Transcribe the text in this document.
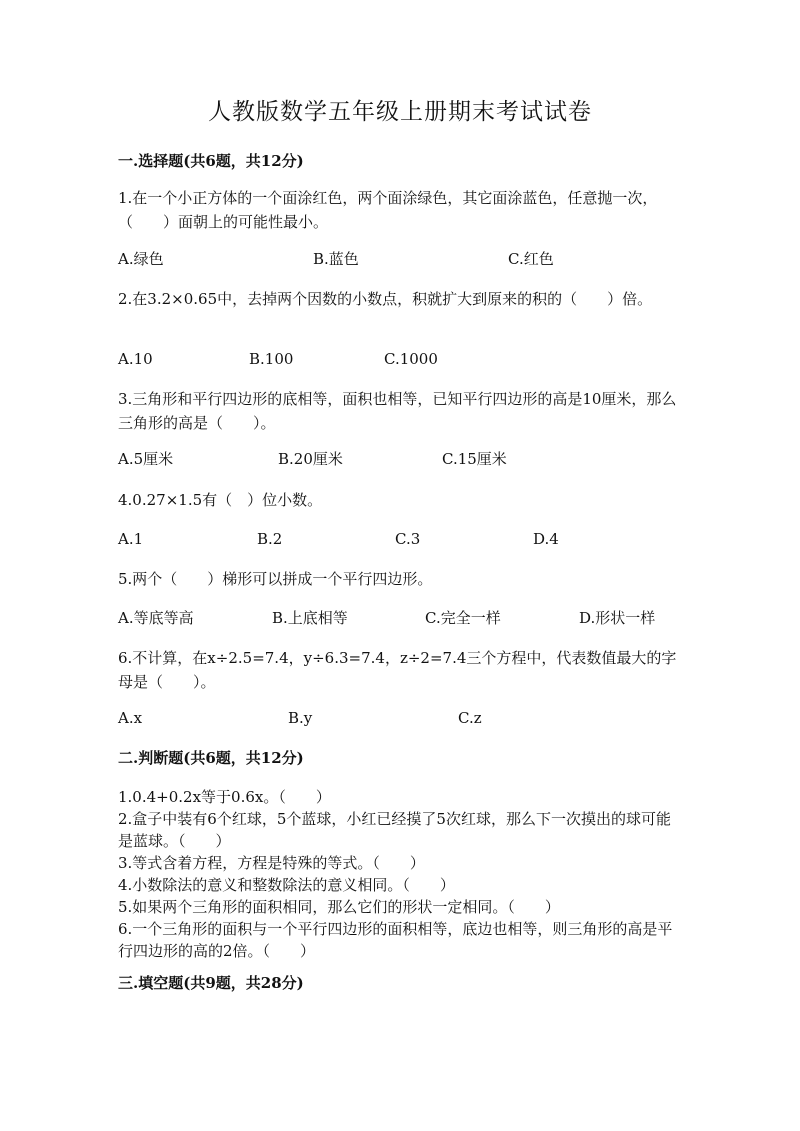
人教版数学五年级上册期末考试试卷
一.选择题(共6题，共12分)
1.在一个小正方体的一个面涂红色，两个面涂绿色，其它面涂蓝色，任意抛一次，（　　）面朝上的可能性最小。
A.绿色	B.蓝色	C.红色
2.在3.2×0.65中，去掉两个因数的小数点，积就扩大到原来的积的（　　）倍。
A.10	B.100	C.1000
3.三角形和平行四边形的底相等，面积也相等，已知平行四边形的高是10厘米，那么三角形的高是（　　）。
A.5厘米	B.20厘米	C.15厘米
4.0.27×1.5有（　）位小数。
A.1	B.2	C.3	D.4
5.两个（　　）梯形可以拼成一个平行四边形。
A.等底等高	B.上底相等	C.完全一样	D.形状一样
6.不计算，在x÷2.5=7.4，y÷6.3=7.4，z÷2=7.4三个方程中，代表数值最大的字母是（　　）。
A.x	B.y	C.z
二.判断题(共6题，共12分)
1.0.4+0.2x等于0.6x。（　　）
2.盒子中装有6个红球，5个蓝球，小红已经摸了5次红球，那么下一次摸出的球可能是蓝球。（　　）
3.等式含着方程，方程是特殊的等式。（　　）
4.小数除法的意义和整数除法的意义相同。（　　）
5.如果两个三角形的面积相同，那么它们的形状一定相同。（　　）
6.一个三角形的面积与一个平行四边形的面积相等，底边也相等，则三角形的高是平行四边形的高的2倍。（　　）
三.填空题(共9题，共28分)
